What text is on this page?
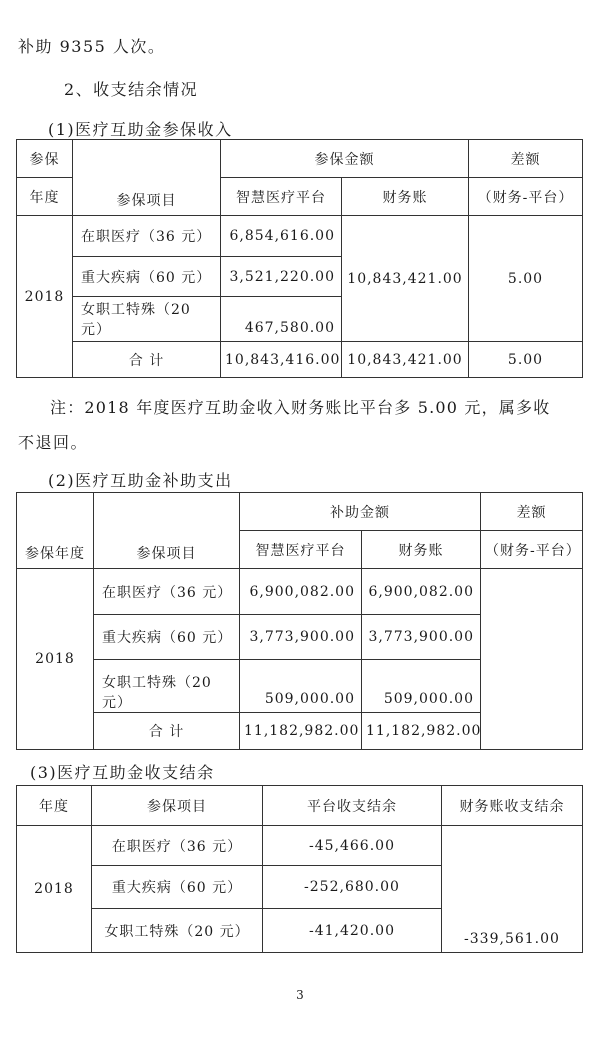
补助 9355 人次。
2、收支结余情况
(1)医疗互助金参保收入
参保	参保项目	参保金额		差额
年度		智慧医疗平台	财务账	（财务-平台）
2018	在职医疗（36 元）	6,854,616.00	10,843,421.00	5.00
	重大疾病（60 元）	3,521,220.00		
	女职工特殊（20 元）	467,580.00		
	合 计	10,843,416.00	10,843,421.00	5.00
注：2018 年度医疗互助金收入财务账比平台多 5.00 元，属多收
不退回。
(2)医疗互助金补助支出
参保年度	参保项目	补助金额		差额
		智慧医疗平台	财务账	（财务-平台）
2018	在职医疗（36 元）	6,900,082.00	6,900,082.00	
	重大疾病（60 元）	3,773,900.00	3,773,900.00	
	女职工特殊（20 元）	509,000.00	509,000.00	
	合 计	11,182,982.00	11,182,982.00	
(3)医疗互助金收支结余
年度	参保项目	平台收支结余	财务账收支结余
2018	在职医疗（36 元）	-45,466.00	-339,561.00
	重大疾病（60 元）	-252,680.00	
	女职工特殊（20 元）	-41,420.00	
3
